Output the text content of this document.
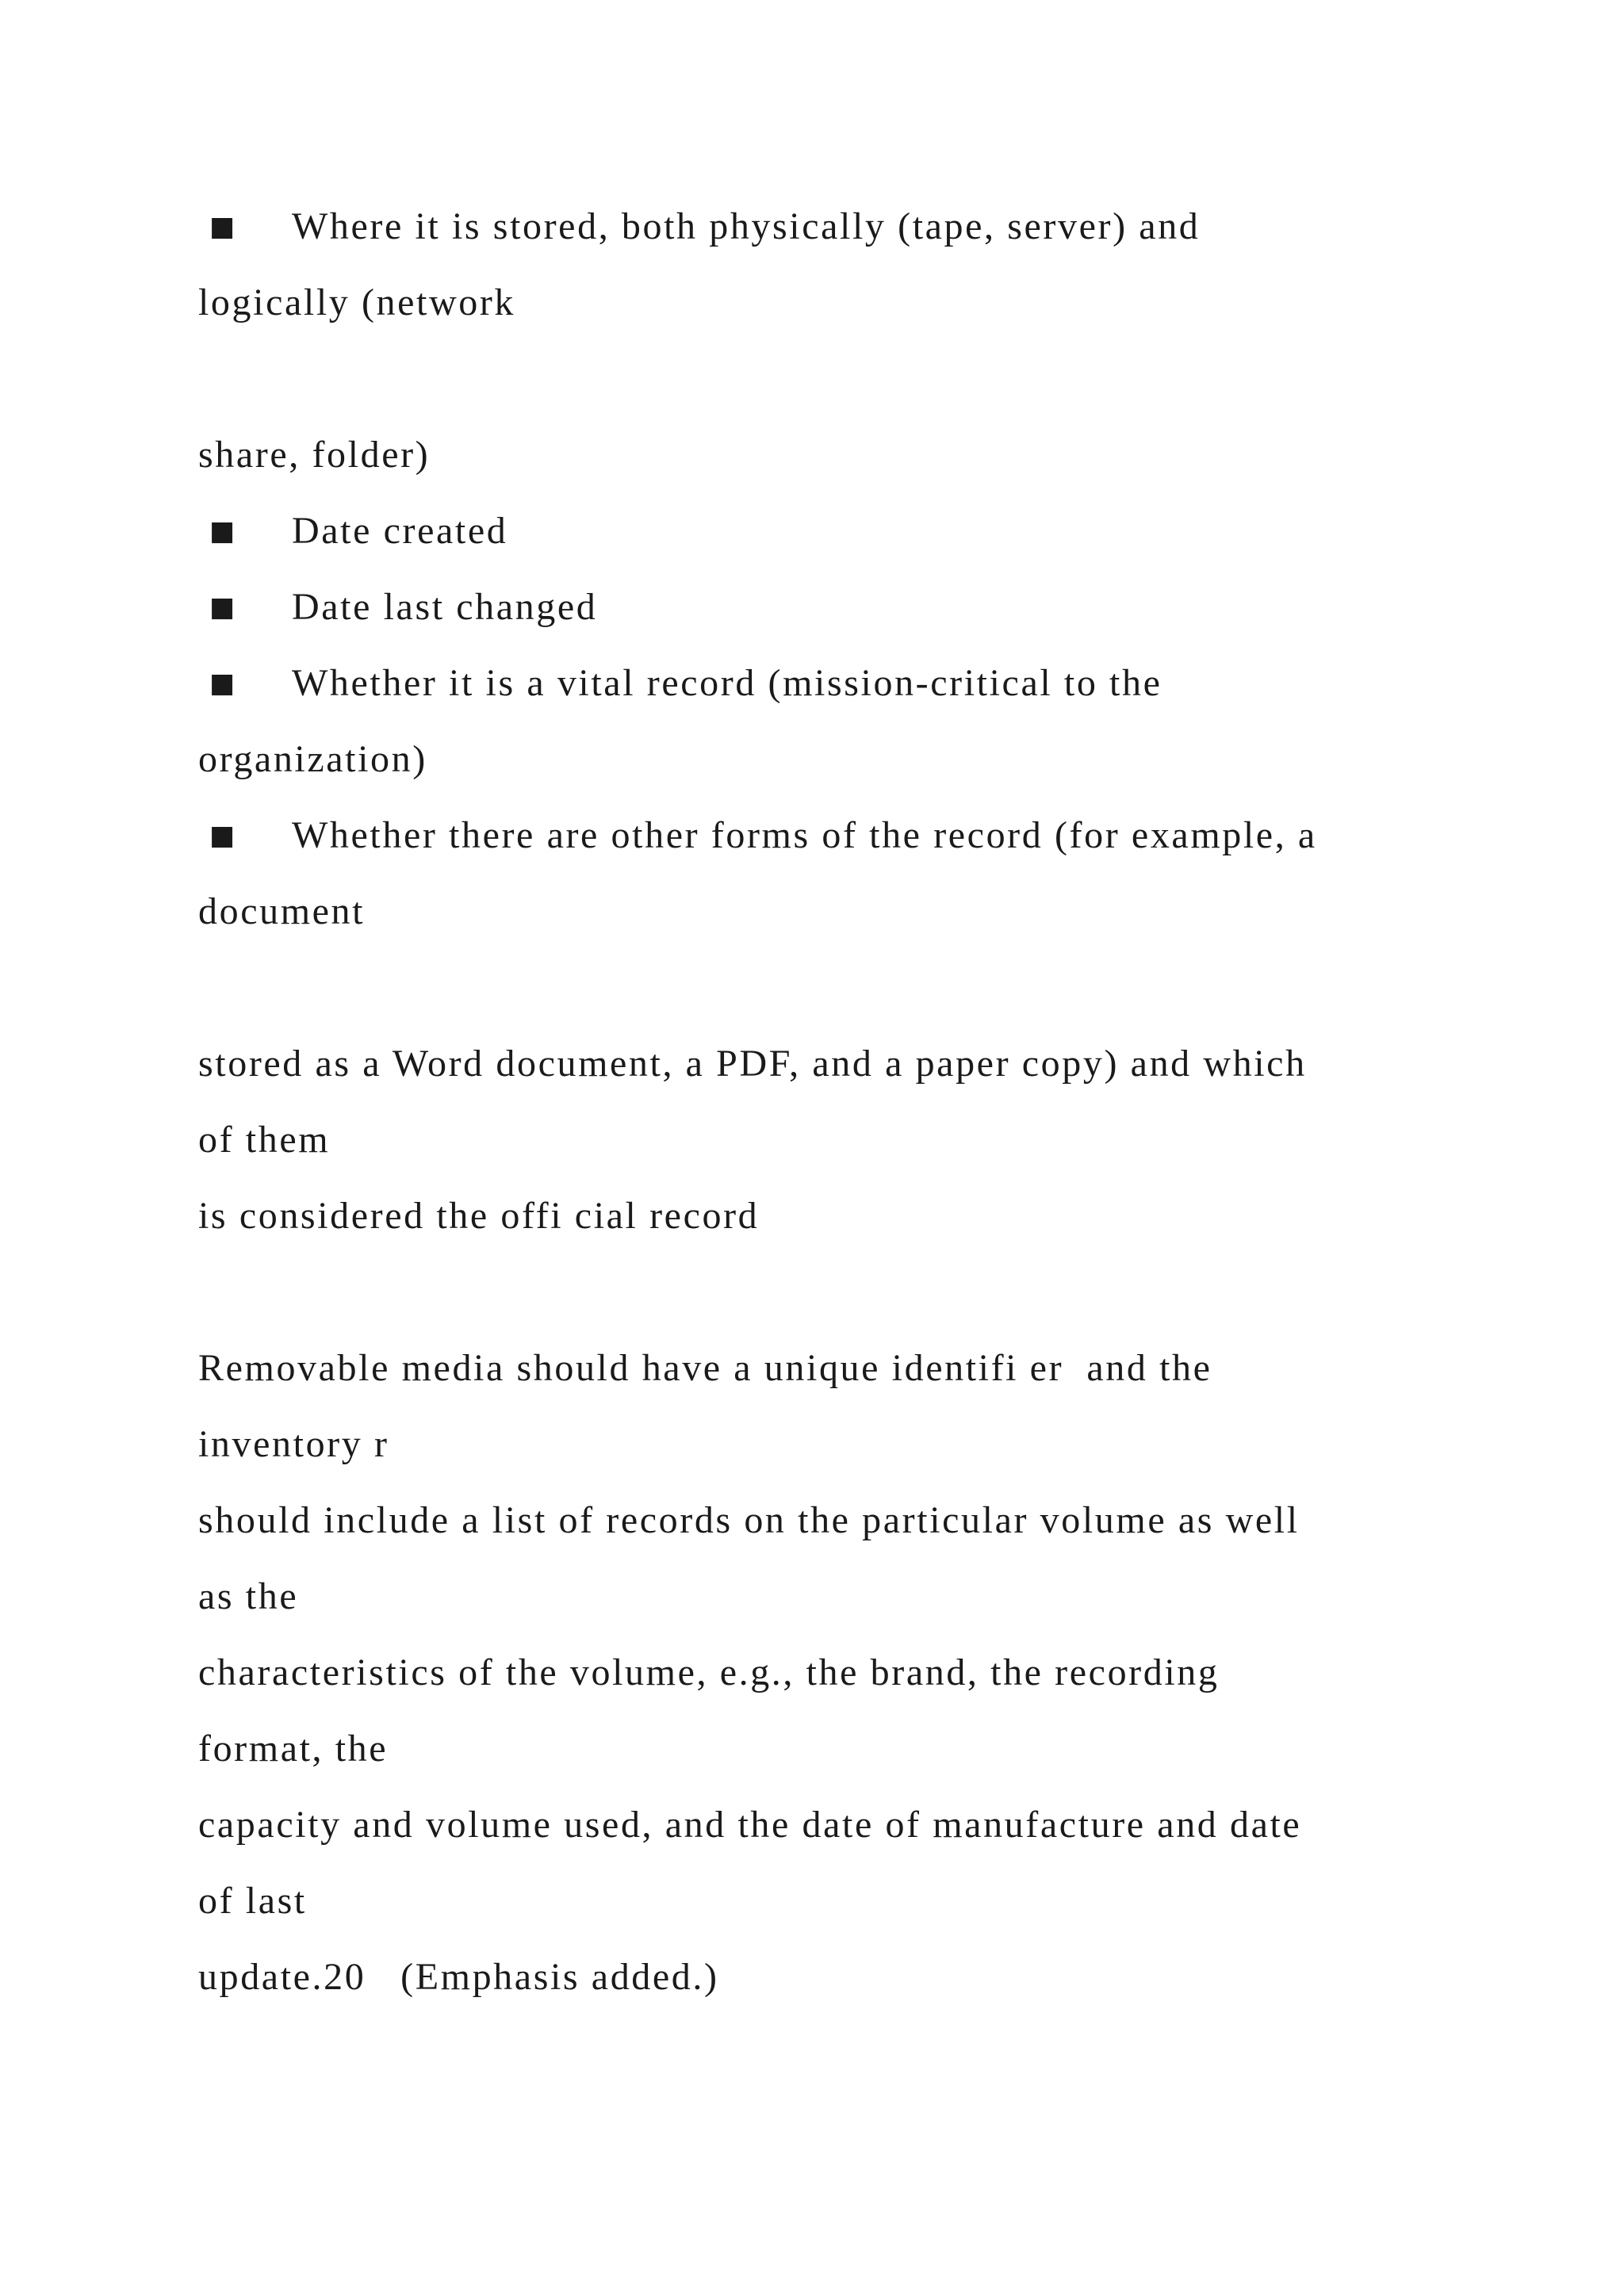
■ Where it is stored, both physically (tape, server) and
logically (network
share, folder)
■ Date created
■ Date last changed
■ Whether it is a vital record (mission-critical to the
organization)
■ Whether there are other forms of the record (for example, a
document
stored as a Word document, a PDF, and a paper copy) and which
of them
is considered the offi cial record
Removable media should have a unique identifi er  and the
inventory r
should include a list of records on the particular volume as well
as the
characteristics of the volume, e.g., the brand, the recording
format, the
capacity and volume used, and the date of manufacture and date
of last
update.20   (Emphasis added.)
